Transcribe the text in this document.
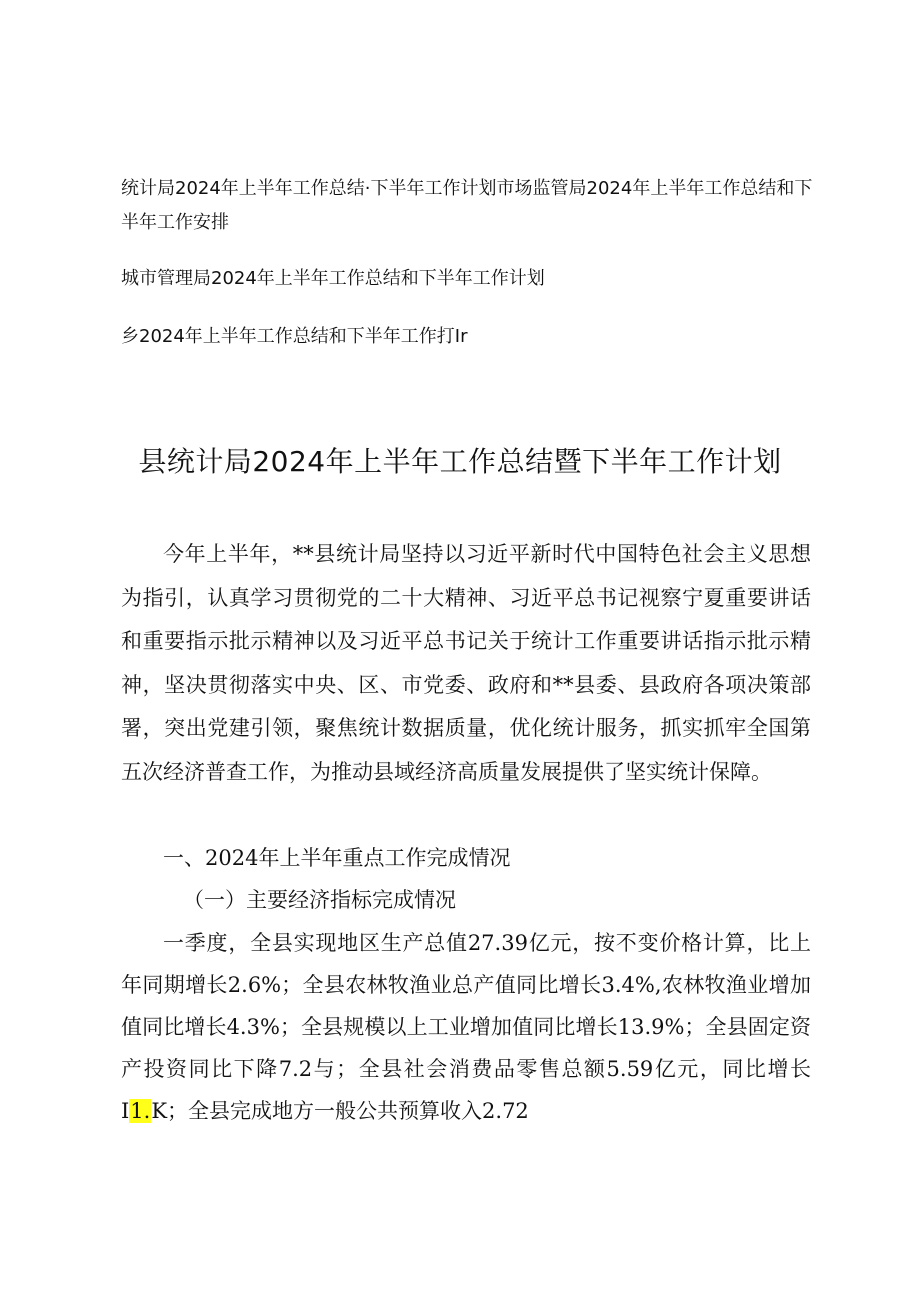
统计局2024年上半年工作总结·下半年工作计划市场监管局2024年上半年工作总结和下半年工作安排

城市管理局2024年上半年工作总结和下半年工作计划

乡2024年上半年工作总结和下半年工作打Ir

县统计局2024年上半年工作总结暨下半年工作计划

今年上半年，**县统计局坚持以习近平新时代中国特色社会主义思想为指引，认真学习贯彻党的二十大精神、习近平总书记视察宁夏重要讲话和重要指示批示精神以及习近平总书记关于统计工作重要讲话指示批示精神，坚决贯彻落实中央、区、市党委、政府和**县委、县政府各项决策部署，突出党建引领，聚焦统计数据质量，优化统计服务，抓实抓牢全国第五次经济普查工作，为推动县域经济高质量发展提供了坚实统计保障。

一、2024年上半年重点工作完成情况

（一）主要经济指标完成情况

一季度，全县实现地区生产总值27.39亿元，按不变价格计算，比上年同期增长2.6%；全县农林牧渔业总产值同比增长3.4%,农林牧渔业增加值同比增长4.3%；全县规模以上工业增加值同比增长13.9%；全县固定资产投资同比下降7.2与；全县社会消费品零售总额5.59亿元，同比增长I1.K；全县完成地方一般公共预算收入2.72
